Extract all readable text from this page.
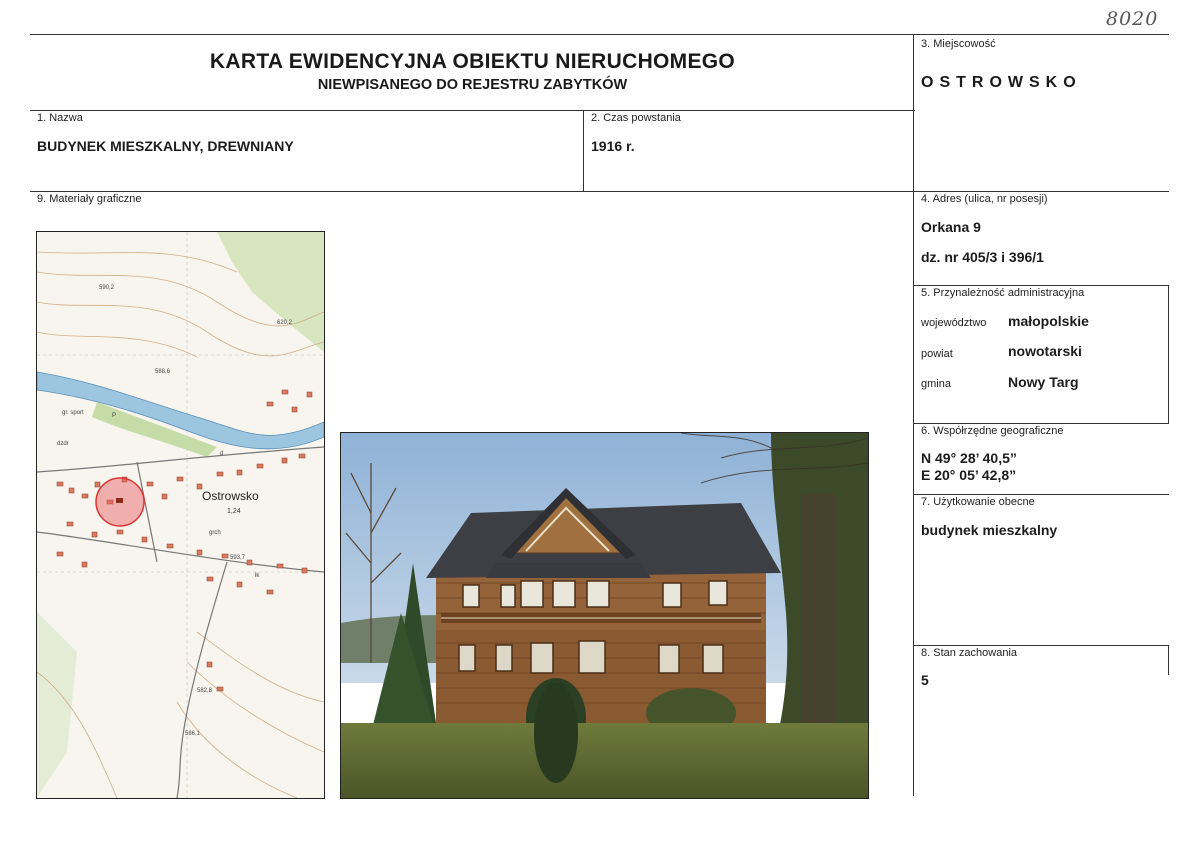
8020
KARTA EWIDENCYJNA OBIEKTU NIERUCHOMEGO
NIEWPISANEGO DO REJESTRU ZABYTKÓW
3. Miejscowość
OSTROWSKO
1. Nazwa
BUDYNEK MIESZKALNY, DREWNIANY
2. Czas powstania
1916 r.
9. Materiały graficzne	4. Adres (ulica, nr posesji)
Orkana 9
dz. nr 405/3 i 396/1
5. Przynależność administracyjna
województwo małopolskie
powiat	nowotarski
gmina	Nowy Targ
6. Współrzędne geograficzne
N 49° 28’ 40,5”
E 20° 05’ 42,8”
7. Użytkowanie obecne
budynek mieszkalny
8. Stan zachowania
5
Ostrowsko
1,24
590,2
620,2
588,6
582,8
586,1
593,7
gr. sport	P
dzdr
grch
d
łk
